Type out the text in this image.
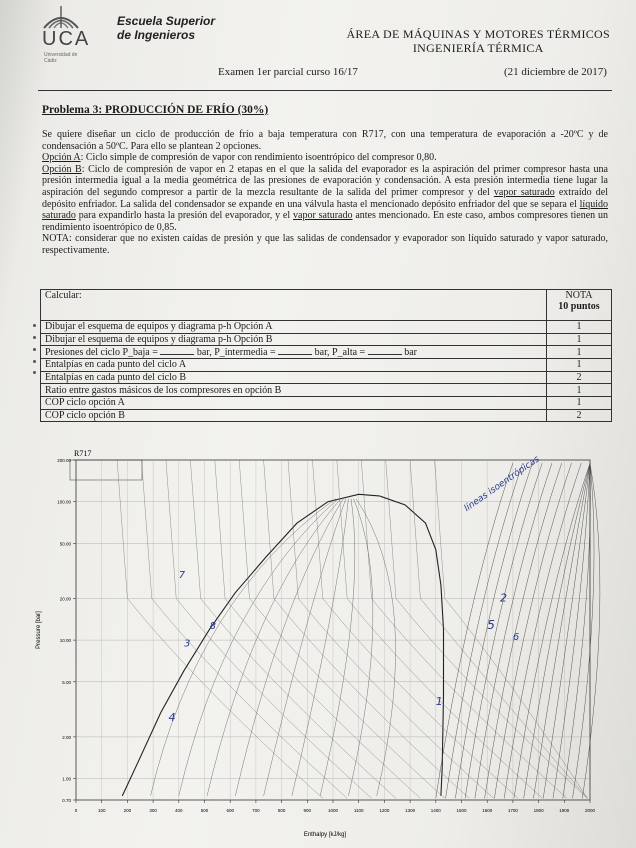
UCA
Universidad de Cádiz
Escuela Superior
de Ingenieros	ÁREA DE MÁQUINAS Y MOTORES TÉRMICOS
INGENIERÍA TÉRMICA
Examen 1er parcial curso 16/17	(21 diciembre de 2017)
Problema 3: PRODUCCIÓN DE FRÍO (30%)

Se quiere diseñar un ciclo de producción de frío a baja temperatura con R717, con una temperatura de evaporación a -20ºC y de condensación a 50ºC. Para ello se plantean 2 opciones.

Opción A: Ciclo simple de compresión de vapor con rendimiento isoentrópico del compresor 0,80.

Opción B: Ciclo de compresión de vapor en 2 etapas en el que la salida del evaporador es la aspiración del primer compresor hasta una presión intermedia igual a la media geométrica de las presiones de evaporación y condensación. A esta presión intermedia tiene lugar la aspiración del segundo compresor a partir de la mezcla resultante de la salida del primer compresor y del vapor saturado extraído del depósito enfriador. La salida del condensador se expande en una válvula hasta el mencionado depósito enfriador del que se separa el líquido saturado para expandirlo hasta la presión del evaporador, y el vapor saturado antes mencionado. En este caso, ambos compresores tienen un rendimiento isoentrópico de 0,85.

NOTA: considerar que no existen caídas de presión y que las salidas de condensador y evaporador son líquido saturado y vapor saturado, respectivamente.

Calcular:	NOTA
10 puntos

Dibujar el esquema de equipos y diagrama p-h Opción A	1
Dibujar el esquema de equipos y diagrama p-h Opción B	1
Presiones del ciclo P_baja = bar, P_intermedia = bar, P_alta = bar	1
Entalpías en cada punto del ciclo A	1
Entalpías en cada punto del ciclo B	2
Ratio entre gastos másicos de los compresores en opción B	1
COP ciclo opción A	1
COP ciclo opción B	2
R717
200.00
100.00
50.00
20.00
10.00
5.00
2.00
1.00
0.70
0	100	200	300	400	500	600	700	800	900	1000	1100	1200	1300	1400	1500	1600	1700	1800	1900	2000
Enthalpy [kJ/kg]
Pressure [bar]
1
2
3
4
5
6
7
8
líneas isoentrópicas
